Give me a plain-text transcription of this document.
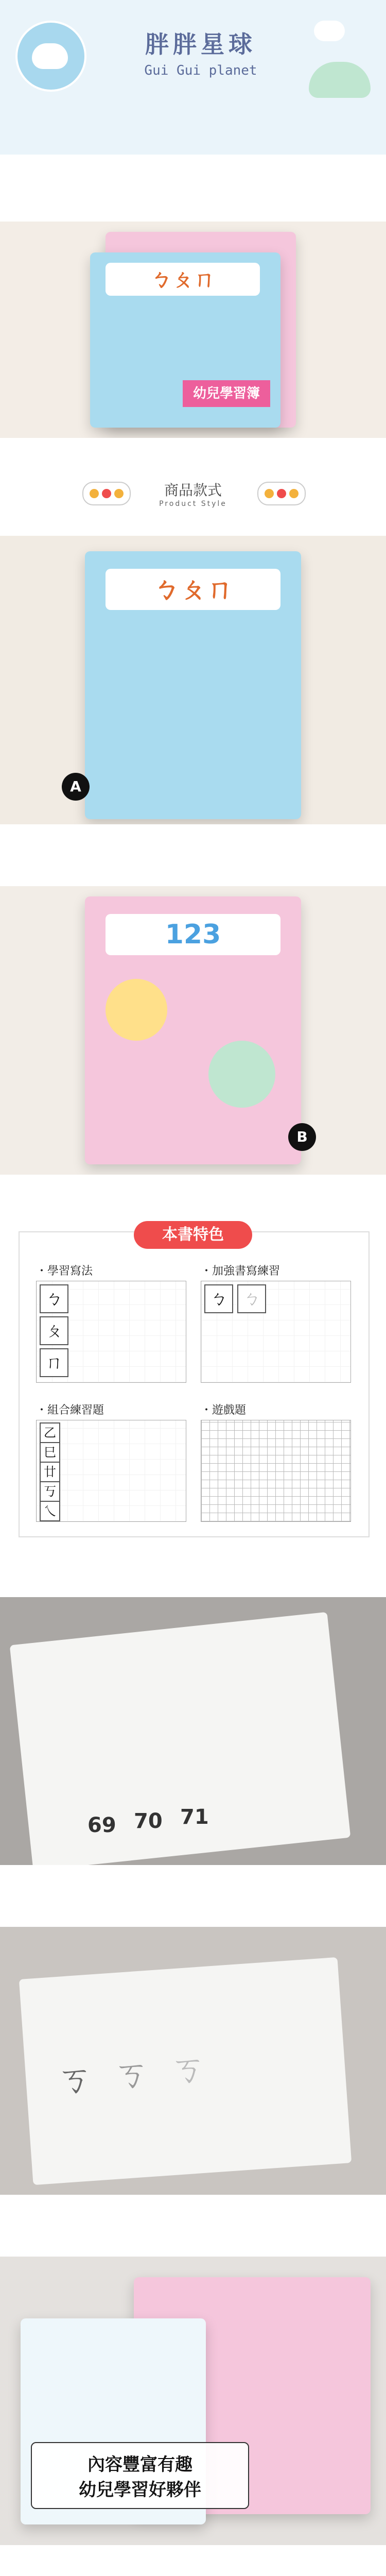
胖胖星球
Gui Gui planet
ㄅㄆㄇ
幼兒學習簿
商品款式
Product Style
ㄅㄆㄇ
A
123
B
本書特色
・學習寫法
ㄅ
ㄆ
ㄇ
・加強書寫練習
ㄅ ㄅ
・組合練習題
乙
巳
廿
丂
乀
・遊戲題
69 70 71
ㄎ ㄎ ㄎ
內容豐富有趣
幼兒學習好夥伴
